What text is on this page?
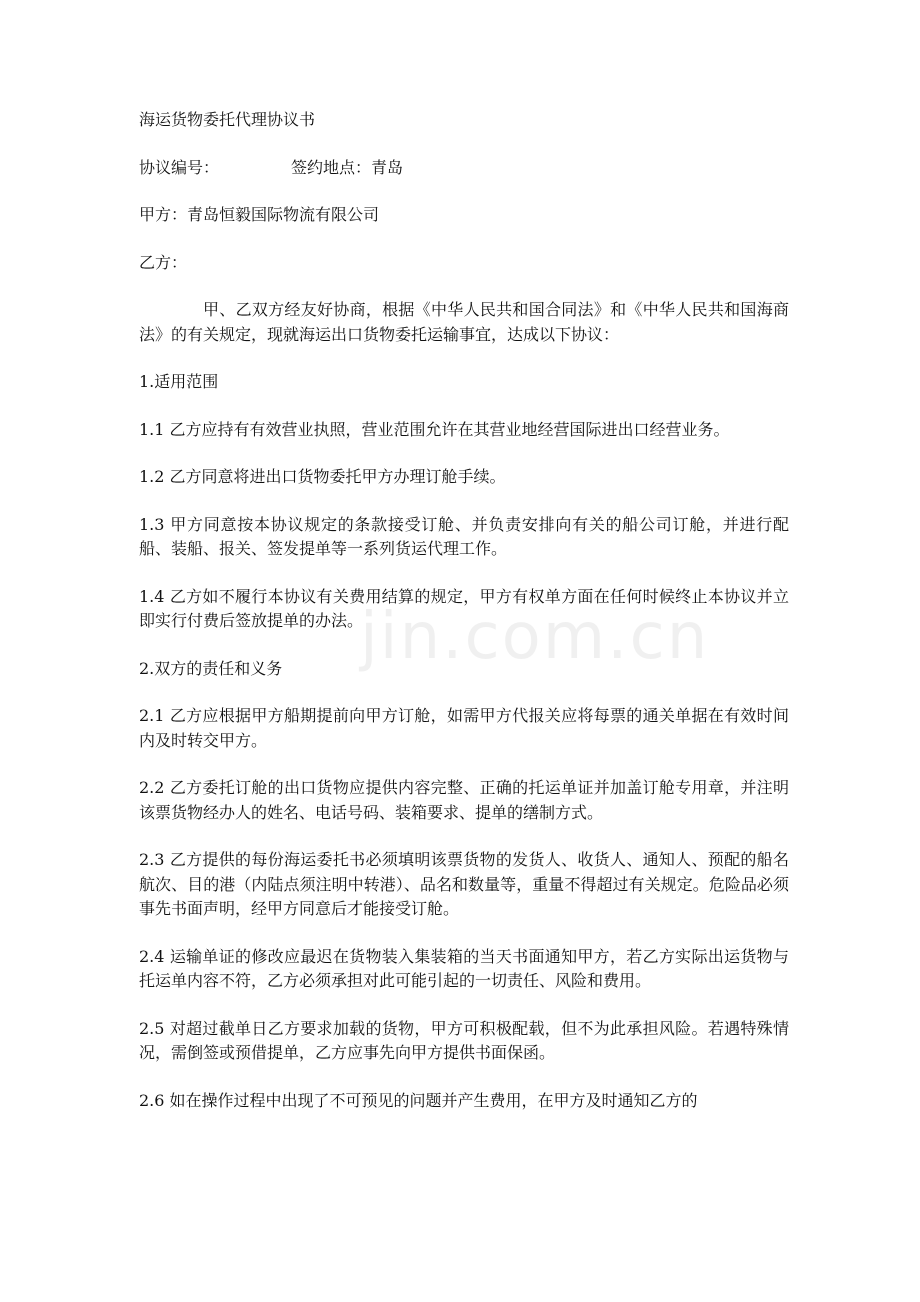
jin.com.cn

海运货物委托代理协议书

协议编号：	签约地点：青岛

甲方：青岛恒毅国际物流有限公司

乙方：

甲、乙双方经友好协商，根据《中华人民共和国合同法》和《中华人民共和国海商法》的有关规定，现就海运出口货物委托运输事宜，达成以下协议：

1.适用范围

1.1 乙方应持有有效营业执照，营业范围允许在其营业地经营国际进出口经营业务。

1.2 乙方同意将进出口货物委托甲方办理订舱手续。

1.3 甲方同意按本协议规定的条款接受订舱、并负责安排向有关的船公司订舱，并进行配船、装船、报关、签发提单等一系列货运代理工作。

1.4 乙方如不履行本协议有关费用结算的规定，甲方有权单方面在任何时候终止本协议并立即实行付费后签放提单的办法。

2.双方的责任和义务

2.1 乙方应根据甲方船期提前向甲方订舱，如需甲方代报关应将每票的通关单据在有效时间内及时转交甲方。

2.2 乙方委托订舱的出口货物应提供内容完整、正确的托运单证并加盖订舱专用章，并注明该票货物经办人的姓名、电话号码、装箱要求、提单的缮制方式。

2.3 乙方提供的每份海运委托书必须填明该票货物的发货人、收货人、通知人、预配的船名航次、目的港（内陆点须注明中转港）、品名和数量等，重量不得超过有关规定。危险品必须事先书面声明，经甲方同意后才能接受订舱。

2.4 运输单证的修改应最迟在货物装入集装箱的当天书面通知甲方，若乙方实际出运货物与托运单内容不符，乙方必须承担对此可能引起的一切责任、风险和费用。

2.5 对超过截单日乙方要求加载的货物，甲方可积极配载，但不为此承担风险。若遇特殊情况，需倒签或预借提单，乙方应事先向甲方提供书面保函。

2.6 如在操作过程中出现了不可预见的问题并产生费用，在甲方及时通知乙方的
